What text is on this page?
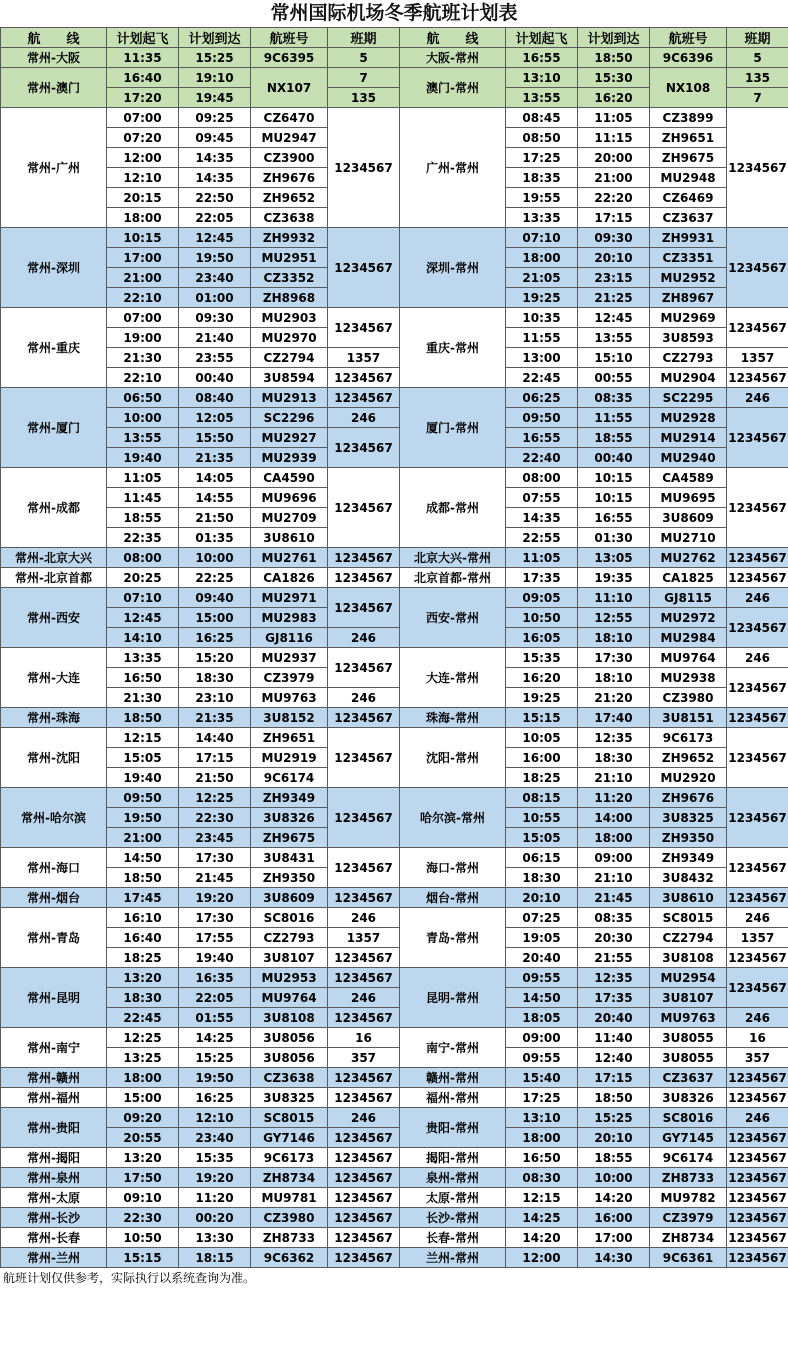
常州国际机场冬季航班计划表
航　　线	计划起飞	计划到达	航班号	班期	航　　线	计划起飞	计划到达	航班号	班期
常州-大阪	11:35	15:25	9C6395	5	大阪-常州	16:55	18:50	9C6396	5
常州-澳门	16:40	19:10	NX107	7	澳门-常州	13:10	15:30	NX108	135
	17:20	19:45		135		13:55	16:20		7
常州-广州	07:00	09:25	CZ6470	1234567	广州-常州	08:45	11:05	CZ3899	1234567
	07:20	09:45	MU2947			08:50	11:15	ZH9651	
	12:00	14:35	CZ3900			17:25	20:00	ZH9675	
	12:10	14:35	ZH9676			18:35	21:00	MU2948	
	20:15	22:50	ZH9652			19:55	22:20	CZ6469	
	18:00	22:05	CZ3638			13:35	17:15	CZ3637	
常州-深圳	10:15	12:45	ZH9932	1234567	深圳-常州	07:10	09:30	ZH9931	1234567
	17:00	19:50	MU2951			18:00	20:10	CZ3351	
	21:00	23:40	CZ3352			21:05	23:15	MU2952	
	22:10	01:00	ZH8968			19:25	21:25	ZH8967	
常州-重庆	07:00	09:30	MU2903	1234567	重庆-常州	10:35	12:45	MU2969	1234567
	19:00	21:40	MU2970			11:55	13:55	3U8593	
	21:30	23:55	CZ2794	1357		13:00	15:10	CZ2793	1357
	22:10	00:40	3U8594	1234567		22:45	00:55	MU2904	1234567
常州-厦门	06:50	08:40	MU2913	1234567	厦门-常州	06:25	08:35	SC2295	246
	10:00	12:05	SC2296	246		09:50	11:55	MU2928	1234567
	13:55	15:50	MU2927	1234567		16:55	18:55	MU2914	
	19:40	21:35	MU2939			22:40	00:40	MU2940	
常州-成都	11:05	14:05	CA4590	1234567	成都-常州	08:00	10:15	CA4589	1234567
	11:45	14:55	MU9696			07:55	10:15	MU9695	
	18:55	21:50	MU2709			14:35	16:55	3U8609	
	22:35	01:35	3U8610			22:55	01:30	MU2710	
常州-北京大兴	08:00	10:00	MU2761	1234567	北京大兴-常州	11:05	13:05	MU2762	1234567
常州-北京首都	20:25	22:25	CA1826	1234567	北京首都-常州	17:35	19:35	CA1825	1234567
常州-西安	07:10	09:40	MU2971	1234567	西安-常州	09:05	11:10	GJ8115	246
	12:45	15:00	MU2983			10:50	12:55	MU2972	1234567
	14:10	16:25	GJ8116	246		16:05	18:10	MU2984	
常州-大连	13:35	15:20	MU2937	1234567	大连-常州	15:35	17:30	MU9764	246
	16:50	18:30	CZ3979			16:20	18:10	MU2938	1234567
	21:30	23:10	MU9763	246		19:25	21:20	CZ3980	
常州-珠海	18:50	21:35	3U8152	1234567	珠海-常州	15:15	17:40	3U8151	1234567
常州-沈阳	12:15	14:40	ZH9651	1234567	沈阳-常州	10:05	12:35	9C6173	1234567
	15:05	17:15	MU2919			16:00	18:30	ZH9652	
	19:40	21:50	9C6174			18:25	21:10	MU2920	
常州-哈尔滨	09:50	12:25	ZH9349	1234567	哈尔滨-常州	08:15	11:20	ZH9676	1234567
	19:50	22:30	3U8326			10:55	14:00	3U8325	
	21:00	23:45	ZH9675			15:05	18:00	ZH9350	
常州-海口	14:50	17:30	3U8431	1234567	海口-常州	06:15	09:00	ZH9349	1234567
	18:50	21:45	ZH9350			18:30	21:10	3U8432	
常州-烟台	17:45	19:20	3U8609	1234567	烟台-常州	20:10	21:45	3U8610	1234567
常州-青岛	16:10	17:30	SC8016	246	青岛-常州	07:25	08:35	SC8015	246
	16:40	17:55	CZ2793	1357		19:05	20:30	CZ2794	1357
	18:25	19:40	3U8107	1234567		20:40	21:55	3U8108	1234567
常州-昆明	13:20	16:35	MU2953	1234567	昆明-常州	09:55	12:35	MU2954	1234567
	18:30	22:05	MU9764	246		14:50	17:35	3U8107	
	22:45	01:55	3U8108	1234567		18:05	20:40	MU9763	246
常州-南宁	12:25	14:25	3U8056	16	南宁-常州	09:00	11:40	3U8055	16
	13:25	15:25	3U8056	357		09:55	12:40	3U8055	357
常州-赣州	18:00	19:50	CZ3638	1234567	赣州-常州	15:40	17:15	CZ3637	1234567
常州-福州	15:00	16:25	3U8325	1234567	福州-常州	17:25	18:50	3U8326	1234567
常州-贵阳	09:20	12:10	SC8015	246	贵阳-常州	13:10	15:25	SC8016	246
	20:55	23:40	GY7146	1234567		18:00	20:10	GY7145	1234567
常州-揭阳	13:20	15:35	9C6173	1234567	揭阳-常州	16:50	18:55	9C6174	1234567
常州-泉州	17:50	19:20	ZH8734	1234567	泉州-常州	08:30	10:00	ZH8733	1234567
常州-太原	09:10	11:20	MU9781	1234567	太原-常州	12:15	14:20	MU9782	1234567
常州-长沙	22:30	00:20	CZ3980	1234567	长沙-常州	14:25	16:00	CZ3979	1234567
常州-长春	10:50	13:30	ZH8733	1234567	长春-常州	14:20	17:00	ZH8734	1234567
常州-兰州	15:15	18:15	9C6362	1234567	兰州-常州	12:00	14:30	9C6361	1234567
航班计划仅供参考，实际执行以系统查询为准。
